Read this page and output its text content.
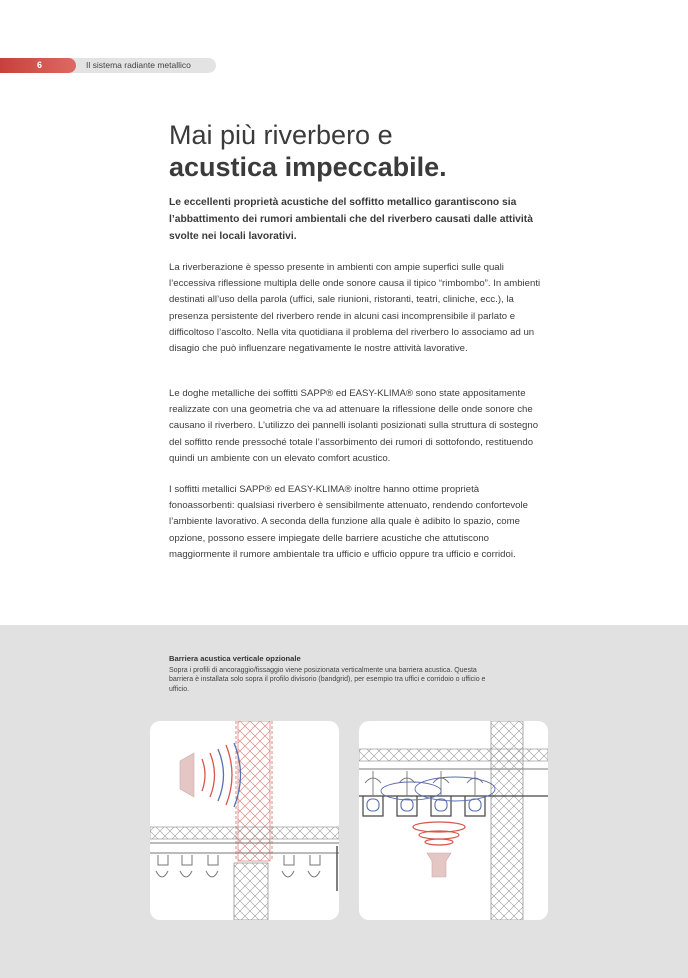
6	Il sistema radiante metallico
Mai più riverbero e
acustica impeccabile.

Le eccellenti proprietà acustiche del soffitto metallico garantiscono sia l’abbattimento dei rumori ambientali che del riverbero causati dalle attività svolte nei locali lavorativi.

La riverberazione è spesso presente in ambienti con ampie superfici sulle quali l’eccessiva riflessione multipla delle onde sonore causa il tipico “rimbombo”. In ambienti destinati all’uso della parola (uffici, sale riunioni, ristoranti, teatri, cliniche, ecc.), la presenza persistente del riverbero rende in alcuni casi incomprensibile il parlato e difficoltoso l’ascolto. Nella vita quotidiana il problema del riverbero lo associamo ad un disagio che può influenzare negativamente le nostre attività lavorative.

Le doghe metalliche dei soffitti SAPP® ed EASY-KLIMA® sono state appositamente realizzate con una geometria che va ad attenuare la riflessione delle onde sonore che causano il riverbero. L’utilizzo dei pannelli isolanti posizionati sulla struttura di sostegno del soffitto rende pressoché totale l’assorbimento dei rumori di sottofondo, restituendo quindi un ambiente con un elevato comfort acustico.

I soffitti metallici SAPP® ed EASY-KLIMA® inoltre hanno ottime proprietà fonoassorbenti: qualsiasi riverbero è sensibilmente attenuato, rendendo confortevole l’ambiente lavorativo. A seconda della funzione alla quale è adibito lo spazio, come opzione, possono essere impiegate delle barriere acustiche che attutiscono maggiormente il rumore ambientale tra ufficio e ufficio oppure tra ufficio e corridoi.

Barriera acustica verticale opzionale

Sopra i profili di ancoraggio/fissaggio viene posizionata verticalmente una barriera acustica. Questa barriera è installata solo sopra il profilo divisorio (bandgrid), per esempio tra uffici e corridoio o ufficio e ufficio.
